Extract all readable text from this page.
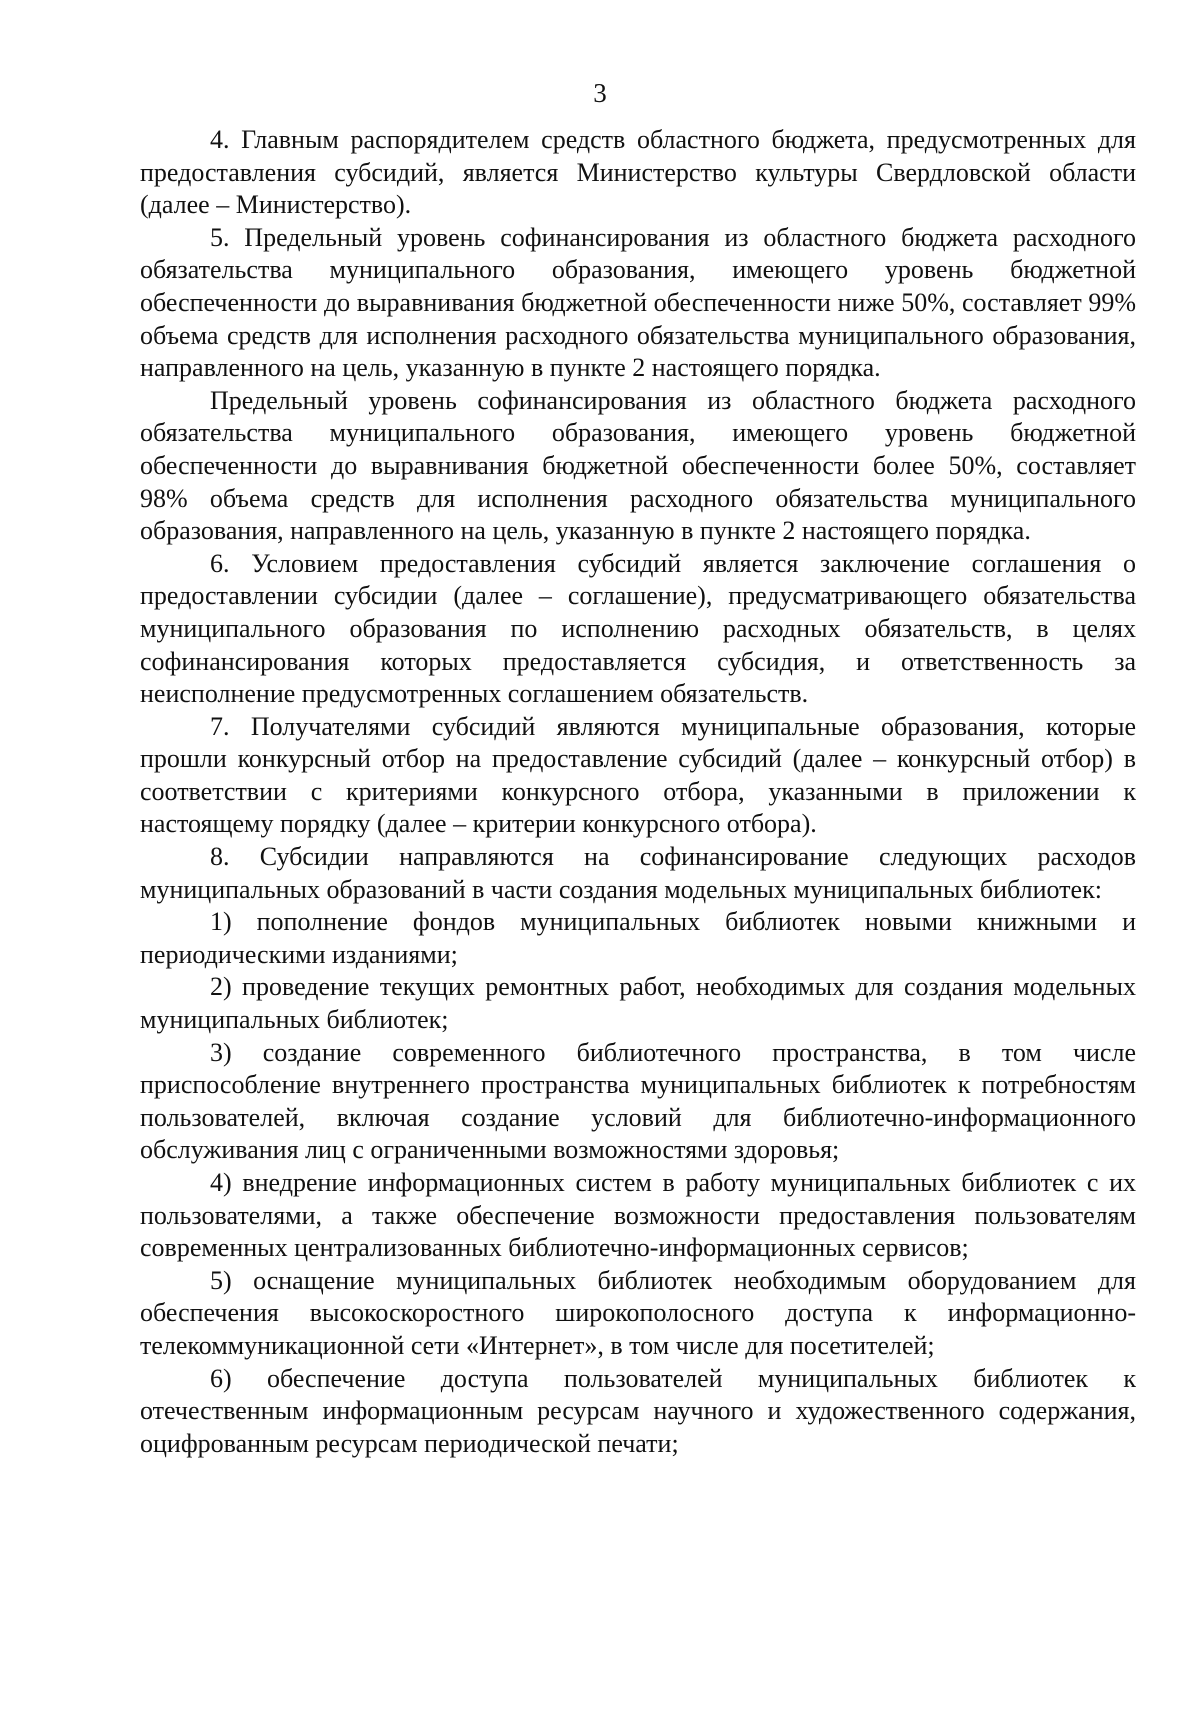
3

4. Главным распорядителем средств областного бюджета, предусмотренных для предоставления субсидий, является Министерство культуры Свердловской области (далее – Министерство).

5. Предельный уровень софинансирования из областного бюджета расходного обязательства муниципального образования, имеющего уровень бюджетной обеспеченности до выравнивания бюджетной обеспеченности ниже 50%, составляет 99% объема средств для исполнения расходного обязательства муниципального образования, направленного на цель, указанную в пункте 2 настоящего порядка.

Предельный уровень софинансирования из областного бюджета расходного обязательства муниципального образования, имеющего уровень бюджетной обеспеченности до выравнивания бюджетной обеспеченности более 50%, составляет 98% объема средств для исполнения расходного обязательства муниципального образования, направленного на цель, указанную в пункте 2 настоящего порядка.

6. Условием предоставления субсидий является заключение соглашения о предоставлении субсидии (далее – соглашение), предусматривающего обязательства муниципального образования по исполнению расходных обязательств, в целях софинансирования которых предоставляется субсидия, и ответственность за неисполнение предусмотренных соглашением обязательств.

7. Получателями субсидий являются муниципальные образования, которые прошли конкурсный отбор на предоставление субсидий (далее – конкурсный отбор) в соответствии с критериями конкурсного отбора, указанными в приложении к настоящему порядку (далее – критерии конкурсного отбора).

8. Субсидии направляются на софинансирование следующих расходов муниципальных образований в части создания модельных муниципальных библиотек:

1) пополнение фондов муниципальных библиотек новыми книжными и периодическими изданиями;

2) проведение текущих ремонтных работ, необходимых для создания модельных муниципальных библиотек;

3) создание современного библиотечного пространства, в том числе приспособление внутреннего пространства муниципальных библиотек к потребностям пользователей, включая создание условий для библиотечно-информационного обслуживания лиц с ограниченными возможностями здоровья;

4) внедрение информационных систем в работу муниципальных библиотек с их пользователями, а также обеспечение возможности предоставления пользователям современных централизованных библиотечно-информационных сервисов;

5) оснащение муниципальных библиотек необходимым оборудованием для обеспечения высокоскоростного широкополосного доступа к информационно-телекоммуникационной сети «Интернет», в том числе для посетителей;

6) обеспечение доступа пользователей муниципальных библиотек к отечественным информационным ресурсам научного и художественного содержания, оцифрованным ресурсам периодической печати;
